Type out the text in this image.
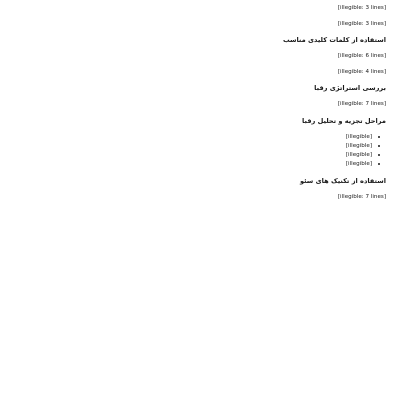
[illegible: 3 lines]

[illegible: 3 lines]

استفاده از کلمات کلیدی مناسب

[illegible: 6 lines]

[illegible: 4 lines]

بررسی استراتژی رقبا

[illegible: 7 lines]

مراحل تجزیه و تحلیل رقبا
[illegible]
[illegible]
[illegible]
[illegible]
استفاده از تکنیک های سئو

[illegible: 7 lines]
